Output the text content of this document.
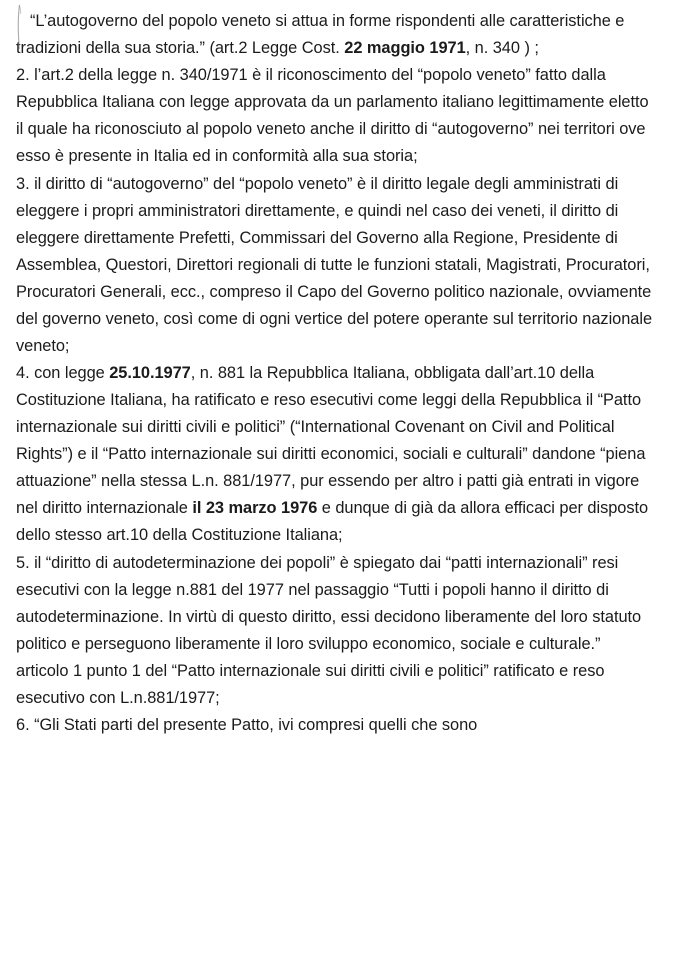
“L’autogoverno del popolo veneto si attua in forme rispondenti alle caratteristiche e tradizioni della sua storia.” (art.2 Legge Cost. 22 maggio 1971, n. 340 ) ;
2. l’art.2 della legge n. 340/1971 è il riconoscimento del “popolo veneto” fatto dalla Repubblica Italiana con legge approvata da un parlamento italiano legittimamente eletto il quale ha riconosciuto al popolo veneto anche il diritto di “autogoverno” nei territori ove esso è presente in Italia ed in conformità alla sua storia;
3. il diritto di “autogoverno” del “popolo veneto” è il diritto legale degli amministrati di eleggere i propri amministratori direttamente, e quindi nel caso dei veneti, il diritto di eleggere direttamente Prefetti, Commissari del Governo alla Regione, Presidente di Assemblea, Questori, Direttori regionali di tutte le funzioni statali, Magistrati, Procuratori, Procuratori Generali, ecc., compreso il Capo del Governo politico nazionale, ovviamente del governo veneto, così come di ogni vertice del potere operante sul territorio nazionale veneto;
4. con legge 25.10.1977, n. 881 la Repubblica Italiana, obbligata dall’art.10 della Costituzione Italiana, ha ratificato e reso esecutivi come leggi della Repubblica il “Patto internazionale sui diritti civili e politici” (“International Covenant on Civil and Political Rights”) e il “Patto internazionale sui diritti economici, sociali e culturali” dandone “piena attuazione” nella stessa L.n. 881/1977, pur essendo per altro i patti già entrati in vigore nel diritto internazionale il 23 marzo 1976 e dunque di già da allora efficaci per disposto dello stesso art.10 della Costituzione Italiana;
5. il “diritto di autodeterminazione dei popoli” è spiegato dai “patti internazionali” resi esecutivi con la legge n.881 del 1977 nel passaggio “Tutti i popoli hanno il diritto di autodeterminazione. In virtù di questo diritto, essi decidono liberamente del loro statuto politico e perseguono liberamente il loro sviluppo economico, sociale e culturale.” articolo 1 punto 1 del “Patto internazionale sui diritti civili e politici” ratificato e reso esecutivo con L.n.881/1977;
6. “Gli Stati parti del presente Patto, ivi compresi quelli che sono
